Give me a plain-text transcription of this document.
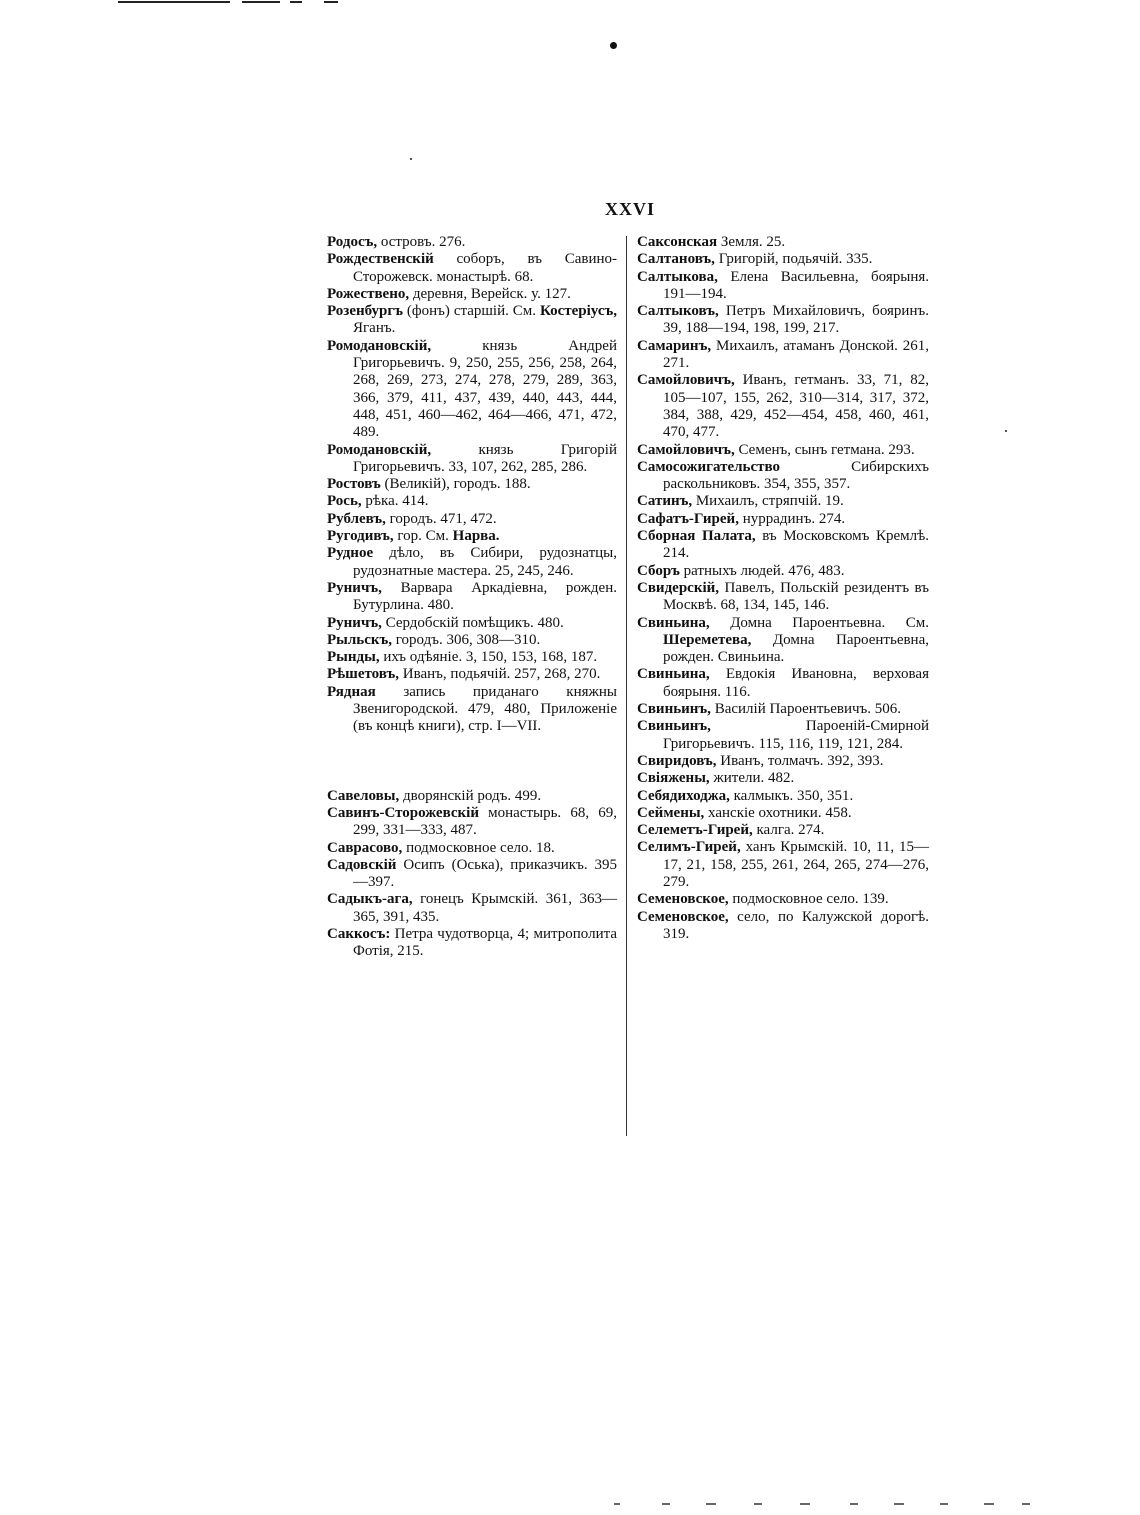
XXVI

Родосъ, островъ. 276.

Рождественскій соборъ, въ Савино-Сторожевск. монастырѣ. 68.

Рожествено, деревня, Верейск. у. 127.

Розенбургъ (фонъ) старшій. См. Костеріусъ, Яганъ.

Ромодановскій, князь Андрей Григорьевичъ. 9, 250, 255, 256, 258, 264, 268, 269, 273, 274, 278, 279, 289, 363, 366, 379, 411, 437, 439, 440, 443, 444, 448, 451, 460—462, 464—466, 471, 472, 489.

Ромодановскій, князь Григорій Григорьевичъ. 33, 107, 262, 285, 286.

Ростовъ (Великій), городъ. 188.

Рось, рѣка. 414.

Рублевъ, городъ. 471, 472.

Ругодивъ, гор. См. Нарва.

Рудное дѣло, въ Сибири, рудознатцы, рудознатные мастера. 25, 245, 246.

Руничъ, Варвара Аркадіевна, рожден. Бутурлина. 480.

Руничъ, Сердобскій помѣщикъ. 480.

Рыльскъ, городъ. 306, 308—310.

Рынды, ихъ одѣяніе. 3, 150, 153, 168, 187.

Рѣшетовъ, Иванъ, подьячій. 257, 268, 270.

Рядная запись приданаго княжны Звенигородской. 479, 480, Приложеніе (въ концѣ книги), стр. I—VII.

Савеловы, дворянскій родъ. 499.

Савинъ-Сторожевскій монастырь. 68, 69, 299, 331—333, 487.

Саврасово, подмосковное село. 18.

Садовскій Осипъ (Оська), приказчикъ. 395—397.

Садыкъ-ага, гонецъ Крымскій. 361, 363—365, 391, 435.

Саккосъ: Петра чудотворца, 4; митрополита Фотія, 215.

Саксонская Земля. 25.

Салтановъ, Григорій, подьячій. 335.

Салтыкова, Елена Васильевна, боярыня. 191—194.

Салтыковъ, Петръ Михайловичъ, бояринъ. 39, 188—194, 198, 199, 217.

Самаринъ, Михаилъ, атаманъ Донской. 261, 271.

Самойловичъ, Иванъ, гетманъ. 33, 71, 82, 105—107, 155, 262, 310—314, 317, 372, 384, 388, 429, 452—454, 458, 460, 461, 470, 477.

Самойловичъ, Семенъ, сынъ гетмана. 293.

Самосожигательство Сибирскихъ раскольниковъ. 354, 355, 357.

Сатинъ, Михаилъ, стряпчій. 19.

Сафатъ-Гирей, нуррадинъ. 274.

Сборная Палата, въ Московскомъ Кремлѣ. 214.

Сборъ ратныхъ людей. 476, 483.

Свидерскій, Павелъ, Польскій резидентъ въ Москвѣ. 68, 134, 145, 146.

Свиньина, Домна Пароентьевна. См. Шереметева, Домна Пароентьевна, рожден. Свиньина.

Свиньина, Евдокія Ивановна, верховая боярыня. 116.

Свиньинъ, Василій Пароентьевичъ. 506.

Свиньинъ, Пароеній-Смирной Григорьевичъ. 115, 116, 119, 121, 284.

Свиридовъ, Иванъ, толмачъ. 392, 393.

Свіяжены, жители. 482.

Себядиходжа, калмыкъ. 350, 351.

Сеймены, ханскіе охотники. 458.

Селеметъ-Гирей, калга. 274.

Селимъ-Гирей, ханъ Крымскій. 10, 11, 15—17, 21, 158, 255, 261, 264, 265, 274—276, 279.

Семеновское, подмосковное село. 139.

Семеновское, село, по Калужской дорогѣ. 319.
